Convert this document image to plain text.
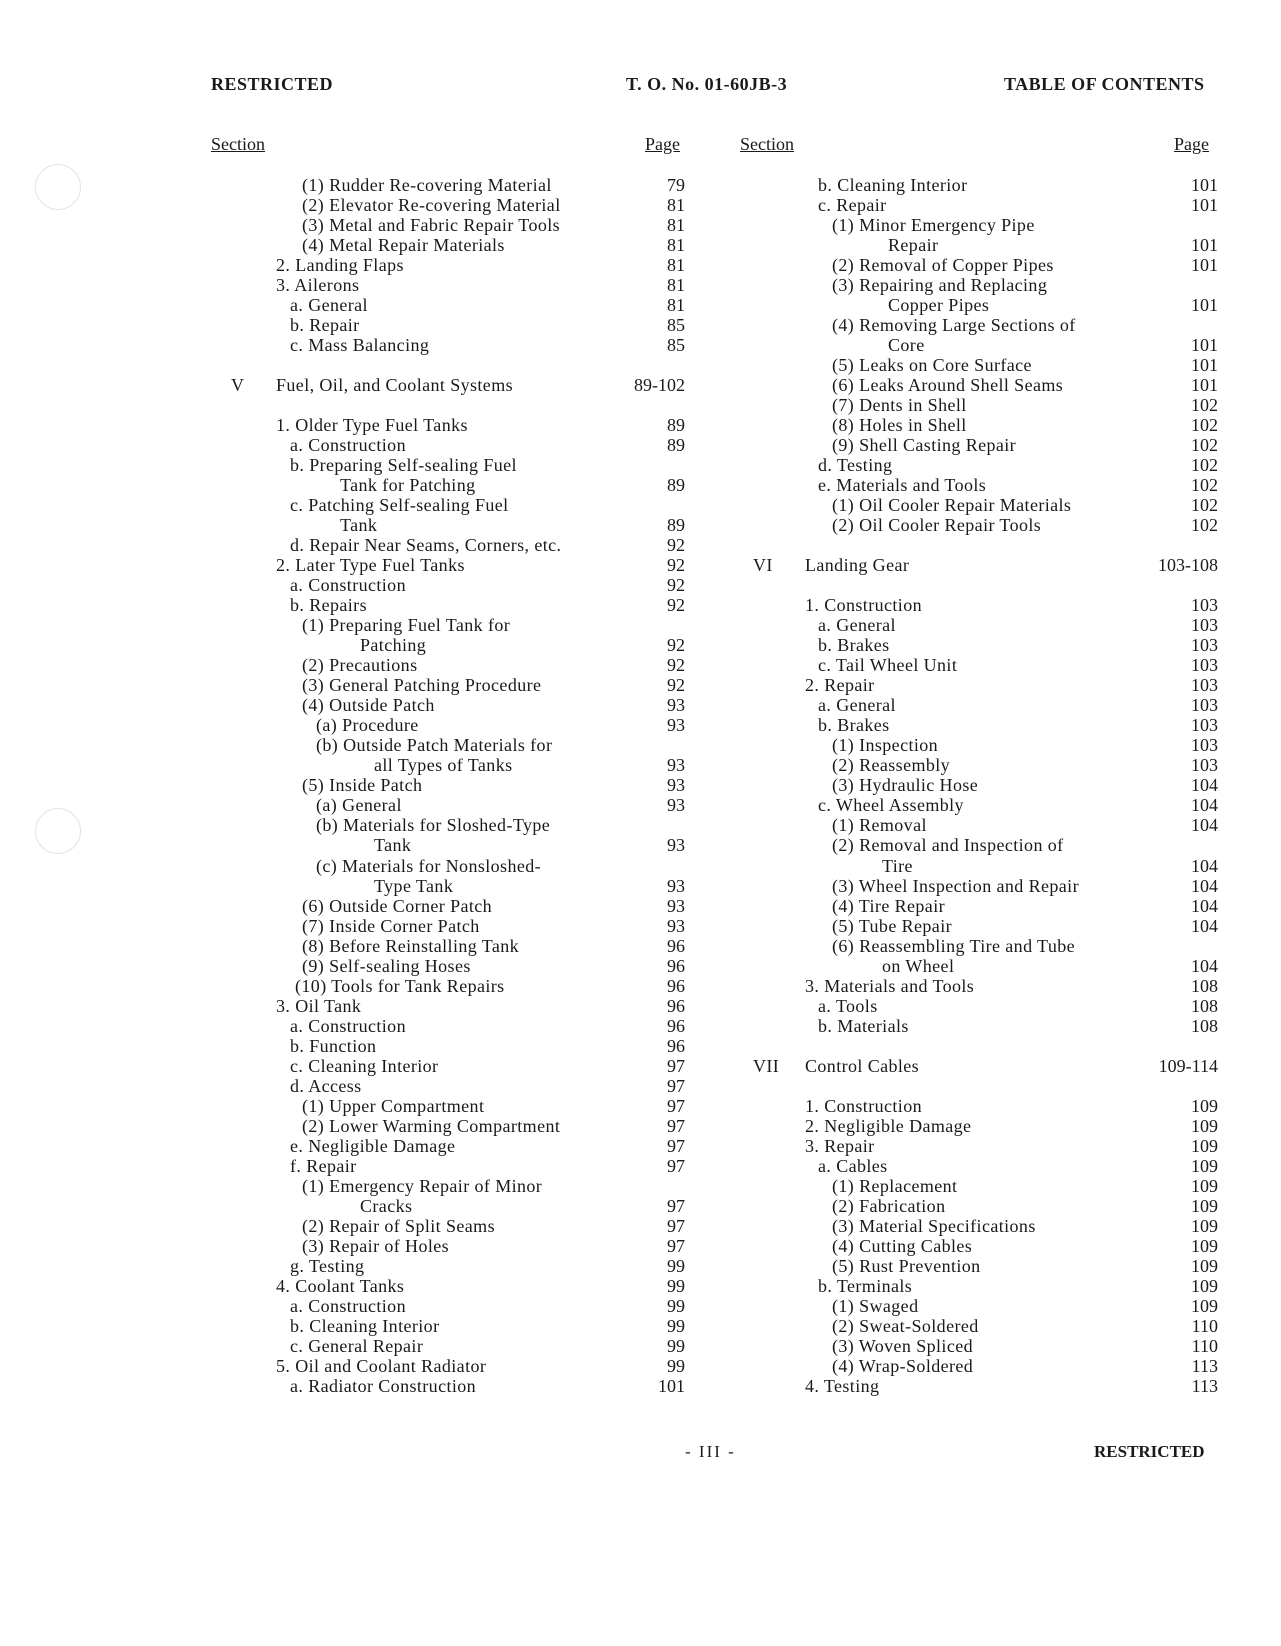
RESTRICTED	T. O. No. 01-60JB-3	TABLE OF CONTENTS
Section	Page	Section	Page
(1) Rudder Re-covering Material	79
(2) Elevator Re-covering Material	81
(3) Metal and Fabric Repair Tools	81
(4) Metal Repair Materials	81
2. Landing Flaps	81
3. Ailerons	81
a. General	81
b. Repair	85
c. Mass Balancing	85
V Fuel, Oil, and Coolant Systems	89-102
1. Older Type Fuel Tanks	89
a. Construction	89
b. Preparing Self-sealing Fuel
Tank for Patching	89
c. Patching Self-sealing Fuel
Tank	89
d. Repair Near Seams, Corners, etc.	92
2. Later Type Fuel Tanks	92
a. Construction	92
b. Repairs	92
(1) Preparing Fuel Tank for
Patching	92
(2) Precautions	92
(3) General Patching Procedure	92
(4) Outside Patch	93
(a) Procedure	93
(b) Outside Patch Materials for
all Types of Tanks	93
(5) Inside Patch	93
(a) General	93
(b) Materials for Sloshed-Type
Tank	93
(c) Materials for Nonsloshed-
Type Tank	93
(6) Outside Corner Patch	93
(7) Inside Corner Patch	93
(8) Before Reinstalling Tank	96
(9) Self-sealing Hoses	96
(10) Tools for Tank Repairs	96
3. Oil Tank	96
a. Construction	96
b. Function	96
c. Cleaning Interior	97
d. Access	97
(1) Upper Compartment	97
(2) Lower Warming Compartment	97
e. Negligible Damage	97
f. Repair	97
(1) Emergency Repair of Minor
Cracks	97
(2) Repair of Split Seams	97
(3) Repair of Holes	97
g. Testing	99
4. Coolant Tanks	99
a. Construction	99
b. Cleaning Interior	99
c. General Repair	99
5. Oil and Coolant Radiator	99
a. Radiator Construction	101
b. Cleaning Interior	101
c. Repair	101
(1) Minor Emergency Pipe
Repair	101
(2) Removal of Copper Pipes	101
(3) Repairing and Replacing
Copper Pipes	101
(4) Removing Large Sections of
Core	101
(5) Leaks on Core Surface	101
(6) Leaks Around Shell Seams	101
(7) Dents in Shell	102
(8) Holes in Shell	102
(9) Shell Casting Repair	102
d. Testing	102
e. Materials and Tools	102
(1) Oil Cooler Repair Materials	102
(2) Oil Cooler Repair Tools	102
VI Landing Gear	103-108
1. Construction	103
a. General	103
b. Brakes	103
c. Tail Wheel Unit	103
2. Repair	103
a. General	103
b. Brakes	103
(1) Inspection	103
(2) Reassembly	103
(3) Hydraulic Hose	104
c. Wheel Assembly	104
(1) Removal	104
(2) Removal and Inspection of
Tire	104
(3) Wheel Inspection and Repair	104
(4) Tire Repair	104
(5) Tube Repair	104
(6) Reassembling Tire and Tube
on Wheel	104
3. Materials and Tools	108
a. Tools	108
b. Materials	108
VII Control Cables	109-114
1. Construction	109
2. Negligible Damage	109
3. Repair	109
a. Cables	109
(1) Replacement	109
(2) Fabrication	109
(3) Material Specifications	109
(4) Cutting Cables	109
(5) Rust Prevention	109
b. Terminals	109
(1) Swaged	109
(2) Sweat-Soldered	110
(3) Woven Spliced	110
(4) Wrap-Soldered	113
4. Testing	113
- III -	RESTRICTED
